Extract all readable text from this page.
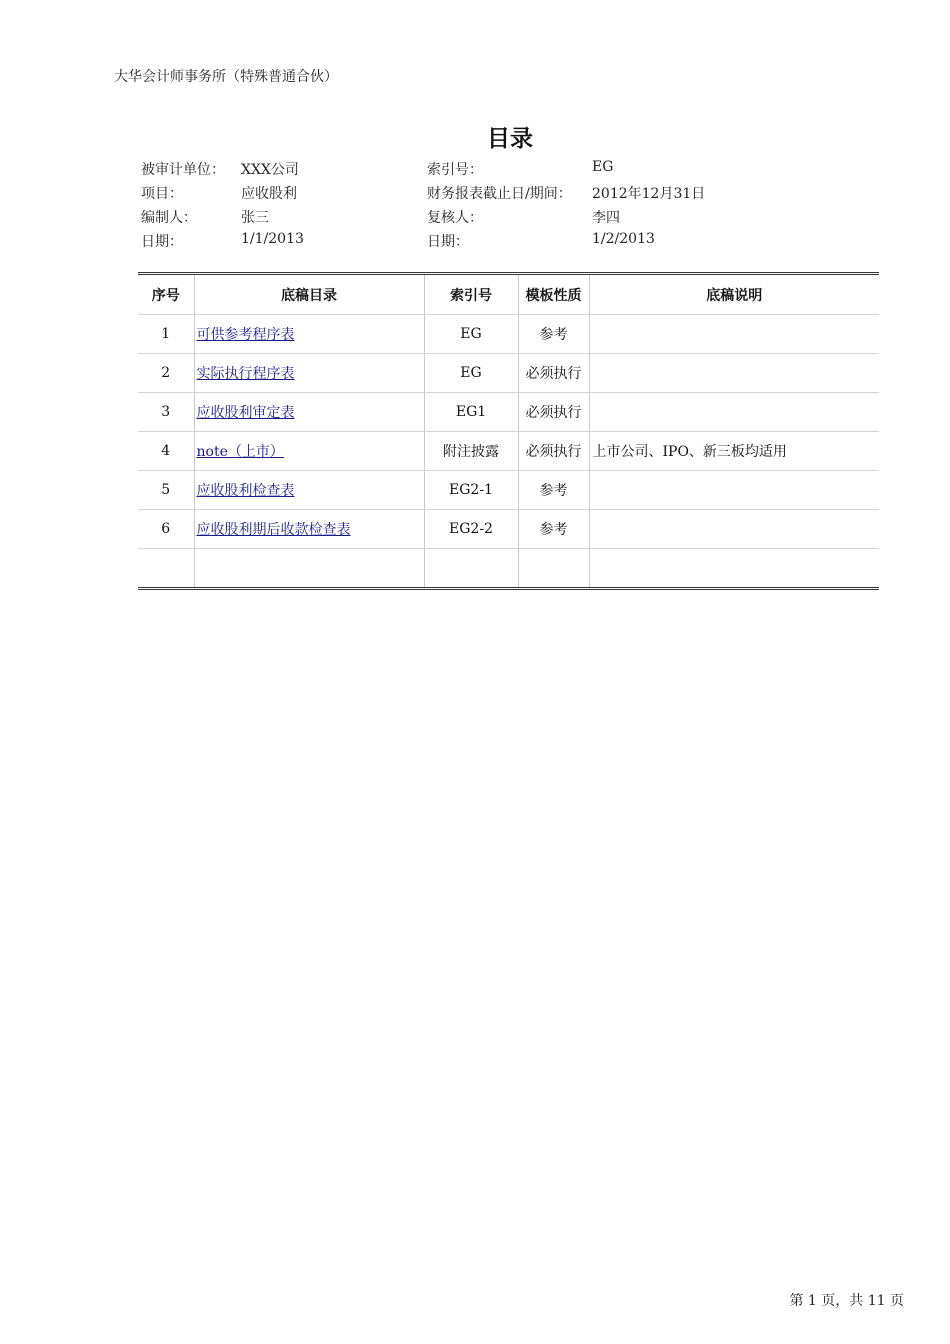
大华会计师事务所（特殊普通合伙）
目录
被审计单位： XXX公司	索引号：	EG
项目：	应收股利	财务报表截止日/期间： 2012年12月31日
编制人：	张三	复核人：	李四
日期：	1/1/2013	日期：	1/2/2013
序号	底稿目录	索引号	模板性质	底稿说明
1	可供参考程序表	EG	参考	
2	实际执行程序表	EG	必须执行	
3	应收股利审定表	EG1	必须执行	
4	note（上市）	附注披露	必须执行	上市公司、IPO、新三板均适用
5	应收股利检查表	EG2-1	参考	
6	应收股利期后收款检查表	EG2-2	参考	

第 1 页，共 11 页
